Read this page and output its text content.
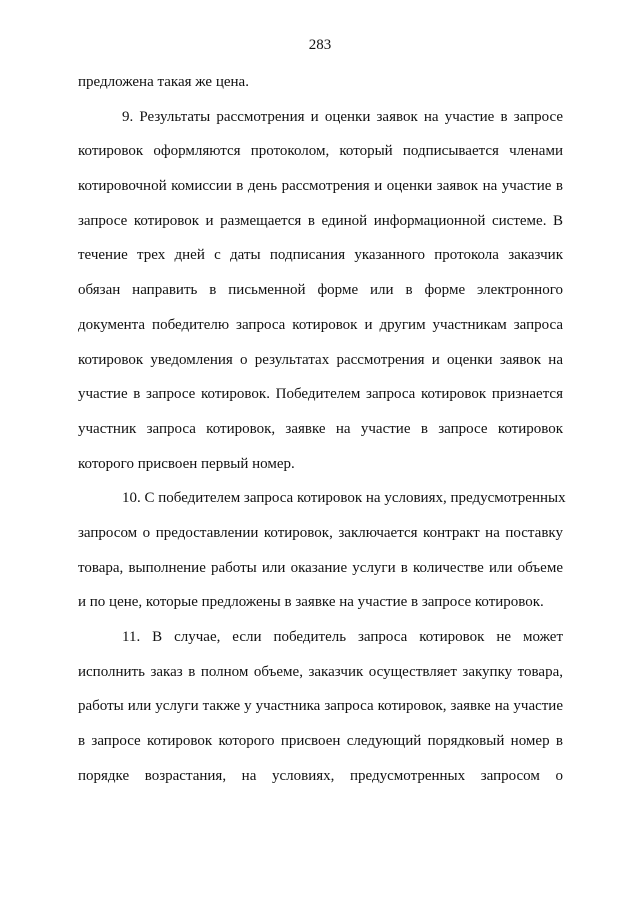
283
предложена такая же цена.
9. Результаты рассмотрения и оценки заявок на участие в запросе
котировок оформляются протоколом, который подписывается членами
котировочной комиссии в день рассмотрения и оценки заявок на участие в
запросе котировок и размещается в единой информационной системе. В
течение трех дней с даты подписания указанного протокола заказчик
обязан направить в письменной форме или в форме электронного
документа победителю запроса котировок и другим участникам запроса
котировок уведомления о результатах рассмотрения и оценки заявок на
участие в запросе котировок. Победителем запроса котировок признается
участник запроса котировок, заявке на участие в запросе котировок
которого присвоен первый номер.
10. С победителем запроса котировок на условиях, предусмотренных
запросом о предоставлении котировок, заключается контракт на поставку
товара, выполнение работы или оказание услуги в количестве или объеме
и по цене, которые предложены в заявке на участие в запросе котировок.
11. В случае, если победитель запроса котировок не может
исполнить заказ в полном объеме, заказчик осуществляет закупку товара,
работы или услуги также у участника запроса котировок, заявке на участие
в запросе котировок которого присвоен следующий порядковый номер в
порядке возрастания, на условиях, предусмотренных запросом о
